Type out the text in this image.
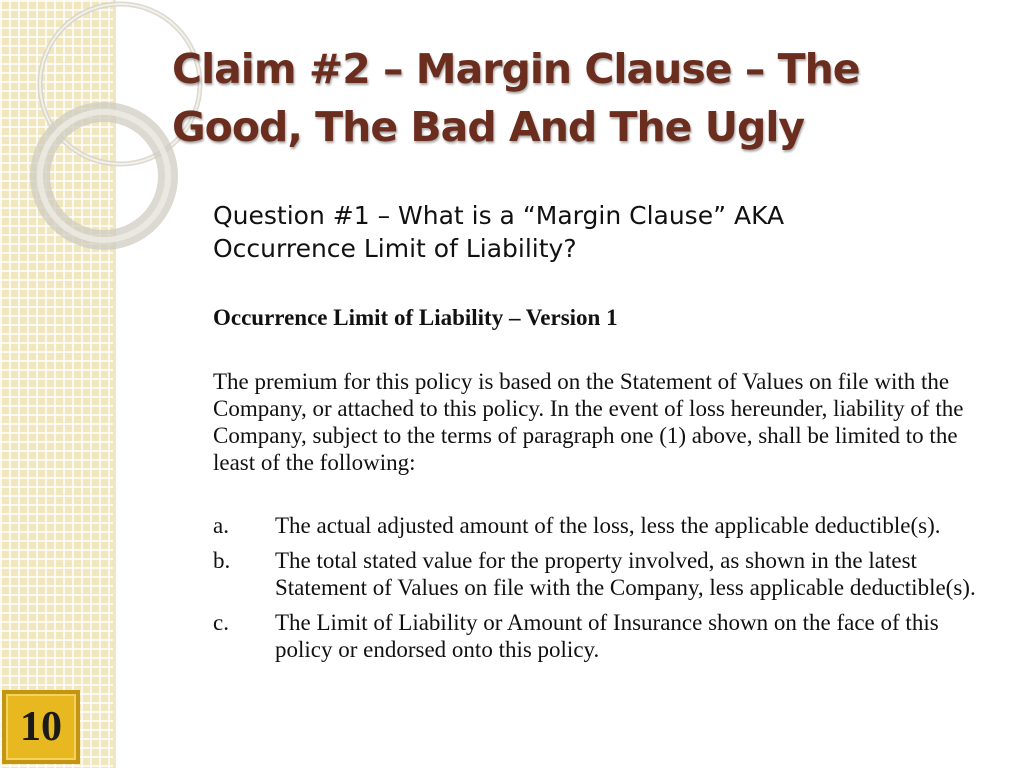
10
Claim #2 – Margin Clause – The
Good, The Bad And The Ugly
Question #1 – What is a “Margin Clause” AKA
Occurrence Limit of Liability?
Occurrence Limit of Liability – Version 1

The premium for this policy is based on the Statement of Values on file with the Company, or attached to this policy. In the event of loss hereunder, liability of the Company, subject to the terms of paragraph one (1) above, shall be limited to the least of the following:

a.	The actual adjusted amount of the loss, less the applicable deductible(s).
b.	The total stated value for the property involved, as shown in the latest Statement of Values on file with the Company, less applicable deductible(s).
c.	The Limit of Liability or Amount of Insurance shown on the face of this policy or endorsed onto this policy.
